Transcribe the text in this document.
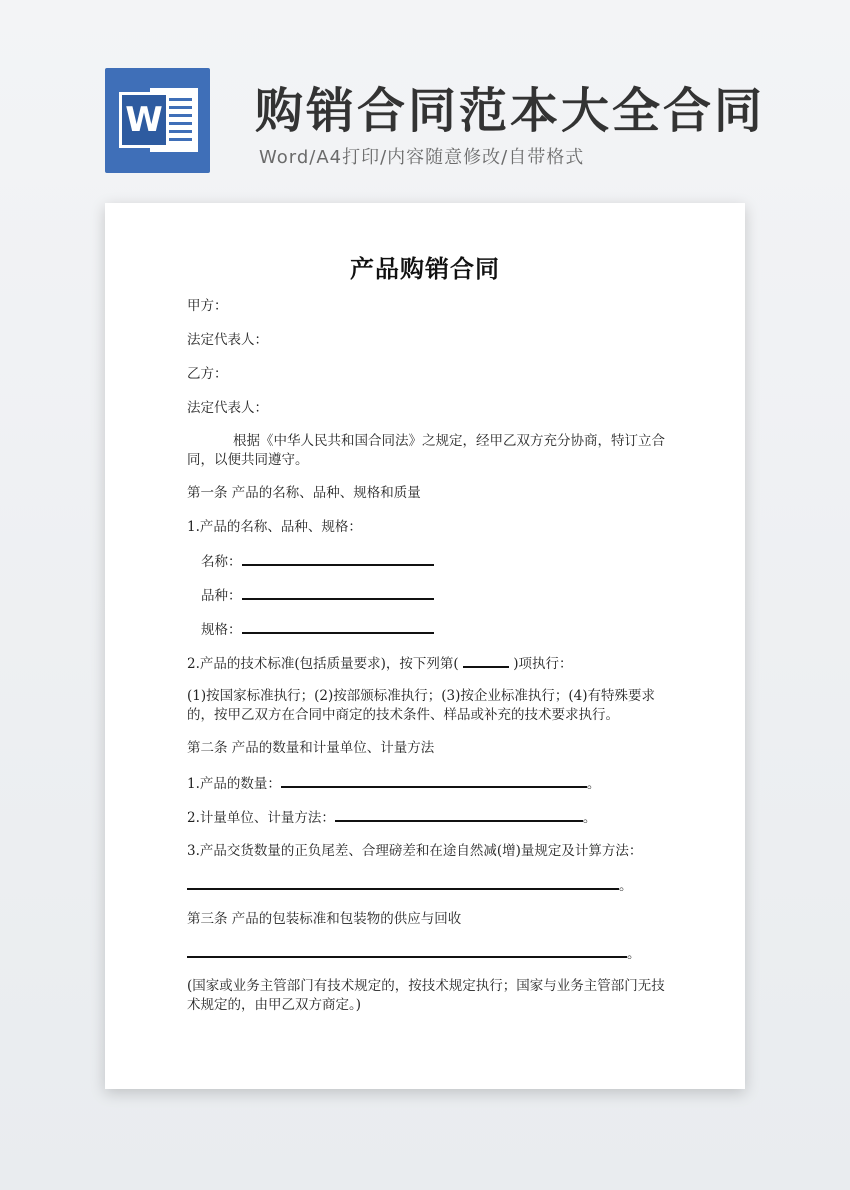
W 购销合同范本大全合同
Word/A4打印/内容随意修改/自带格式
产品购销合同
甲方：
法定代表人：
乙方：
法定代表人：
根据《中华人民共和国合同法》之规定，经甲乙双方充分协商，特订立合同，以便共同遵守。
第一条 产品的名称、品种、规格和质量
1.产品的名称、品种、规格：
名称：
品种：
规格：
2.产品的技术标准(包括质量要求)，按下列第(	)项执行：
(1)按国家标准执行；(2)按部颁标准执行；(3)按企业标准执行；(4)有特殊要求的，按甲乙双方在合同中商定的技术条件、样品或补充的技术要求执行。
第二条 产品的数量和计量单位、计量方法
1.产品的数量：	。
2.计量单位、计量方法：	。
3.产品交货数量的正负尾差、合理磅差和在途自然减(增)量规定及计算方法：
。
第三条 产品的包装标准和包装物的供应与回收
。
(国家或业务主管部门有技术规定的，按技术规定执行；国家与业务主管部门无技术规定的，由甲乙双方商定。)
